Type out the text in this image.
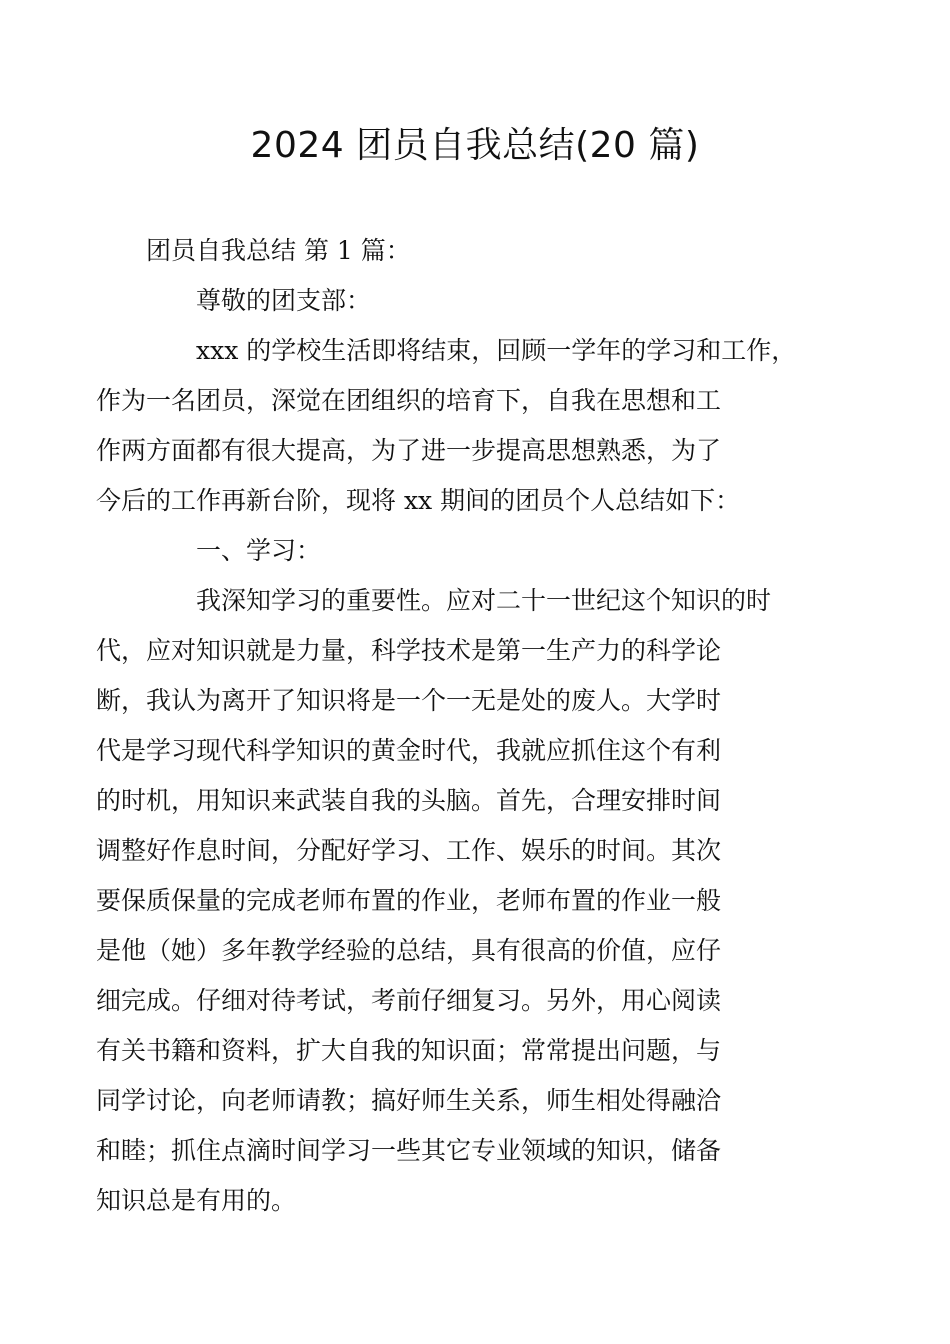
2024 团员自我总结(20 篇)

团员自我总结 第 1 篇：

尊敬的团支部：

xxx 的学校生活即将结束，回顾一学年的学习和工作，
作为一名团员，深觉在团组织的培育下，自我在思想和工
作两方面都有很大提高，为了进一步提高思想熟悉，为了
今后的工作再新台阶，现将 xx 期间的团员个人总结如下：

一、学习：

我深知学习的重要性。应对二十一世纪这个知识的时
代，应对知识就是力量，科学技术是第一生产力的科学论
断，我认为离开了知识将是一个一无是处的废人。大学时
代是学习现代科学知识的黄金时代，我就应抓住这个有利
的时机，用知识来武装自我的头脑。首先，合理安排时间
调整好作息时间，分配好学习、工作、娱乐的时间。其次
要保质保量的完成老师布置的作业，老师布置的作业一般
是他（她）多年教学经验的总结，具有很高的价值，应仔
细完成。仔细对待考试，考前仔细复习。另外，用心阅读
有关书籍和资料，扩大自我的知识面；常常提出问题，与
同学讨论，向老师请教；搞好师生关系，师生相处得融洽
和睦；抓住点滴时间学习一些其它专业领域的知识，储备
知识总是有用的。
